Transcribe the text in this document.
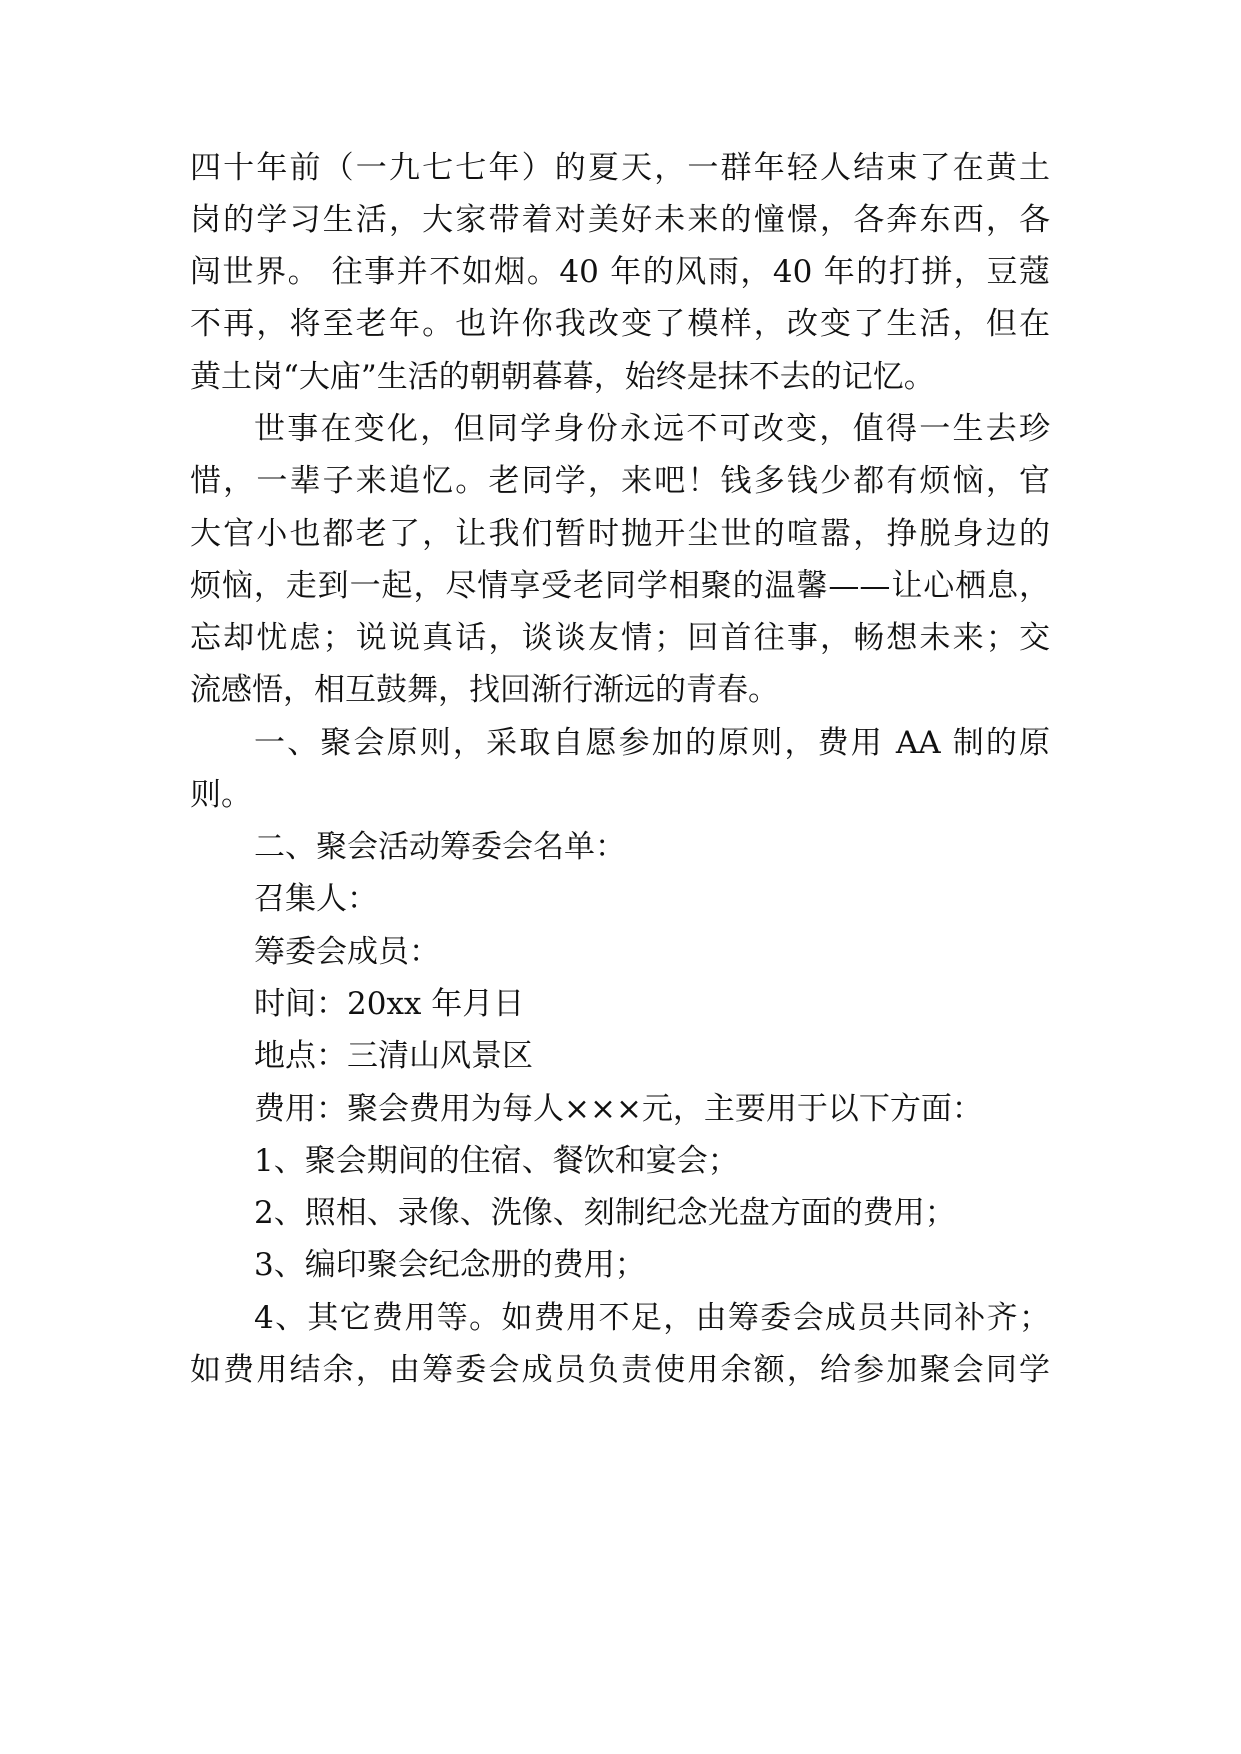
四十年前（一九七七年）的夏天，一群年轻人结束了在黄土
岗的学习生活，大家带着对美好未来的憧憬，各奔东西，各
闯世界。 往事并不如烟。40 年的风雨，40 年的打拼，豆蔻
不再，将至老年。也许你我改变了模样，改变了生活，但在
黄土岗“大庙”生活的朝朝暮暮，始终是抹不去的记忆。
世事在变化，但同学身份永远不可改变，值得一生去珍
惜，一辈子来追忆。老同学，来吧！钱多钱少都有烦恼，官
大官小也都老了，让我们暂时抛开尘世的喧嚣，挣脱身边的
烦恼，走到一起，尽情享受老同学相聚的温馨——让心栖息，
忘却忧虑；说说真话，谈谈友情；回首往事，畅想未来；交
流感悟，相互鼓舞，找回渐行渐远的青春。
一、聚会原则，采取自愿参加的原则，费用 AA 制的原
则。
二、聚会活动筹委会名单：
召集人：
筹委会成员：
时间：20xx 年月日
地点：三清山风景区
费用：聚会费用为每人×××元，主要用于以下方面：
1、聚会期间的住宿、餐饮和宴会；
2、照相、录像、洗像、刻制纪念光盘方面的费用；
3、编印聚会纪念册的费用；
4、其它费用等。如费用不足，由筹委会成员共同补齐；
如费用结余，由筹委会成员负责使用余额，给参加聚会同学
